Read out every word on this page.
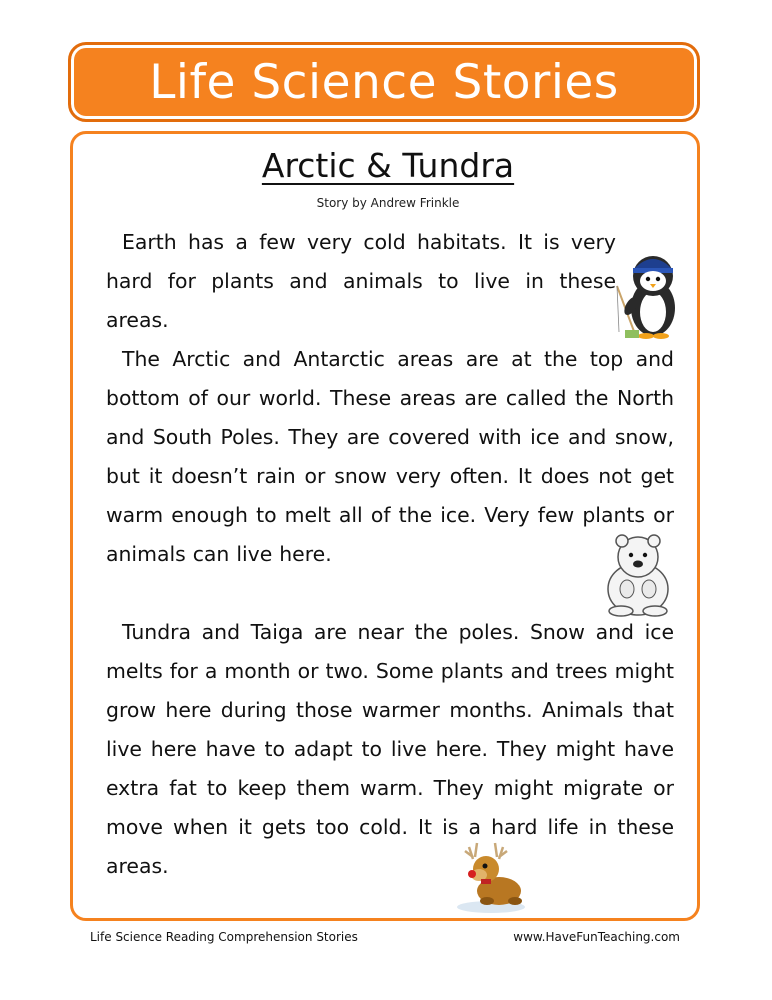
Life Science Stories
Arctic & Tundra
Story by Andrew Frinkle

Earth has a few very cold habitats. It is very hard for plants and animals to live in these areas.

The Arctic and Antarctic areas are at the top and bottom of our world. These areas are called the North and South Poles. They are covered with ice and snow, but it doesn’t rain or snow very often. It does not get warm enough to melt all of the ice. Very few plants or animals can live here.

Tundra and Taiga are near the poles. Snow and ice melts for a month or two. Some plants and trees might grow here during those warmer months. Animals that live here have to adapt to live here. They might have extra fat to keep them warm. They might migrate or move when it gets too cold. It is a hard life in these areas.

Life Science Reading Comprehension Stories	www.HaveFunTeaching.com
